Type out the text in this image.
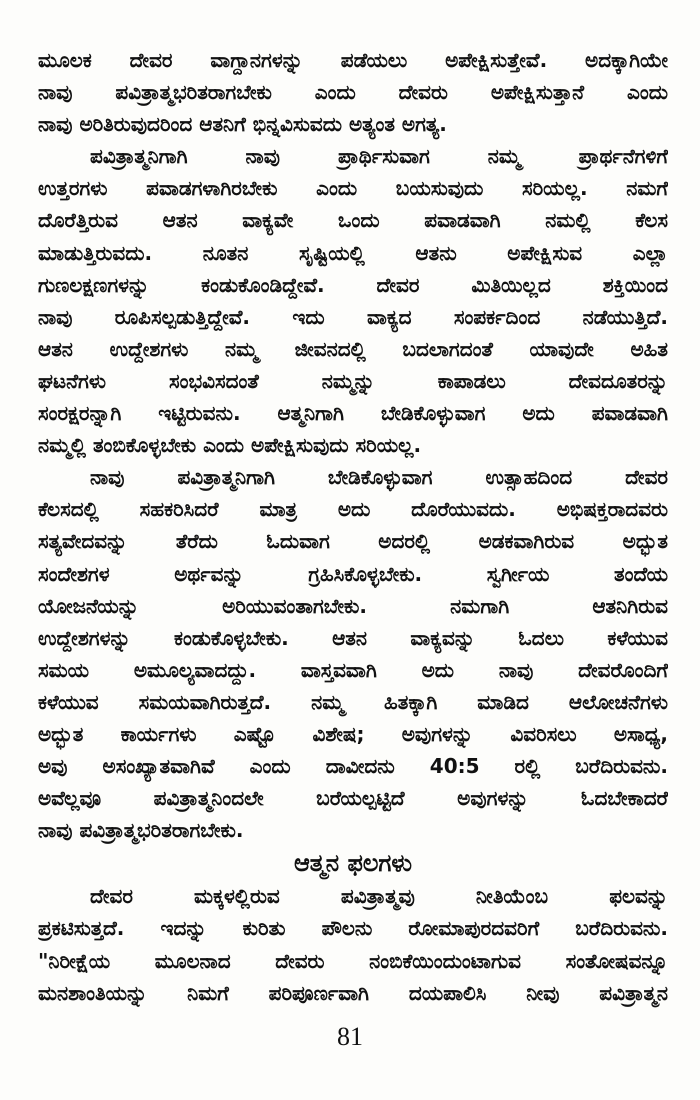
ಮೂಲಕ ದೇವರ ವಾಗ್ದಾನಗಳನ್ನು ಪಡೆಯಲು ಅಪೇಕ್ಷಿಸುತ್ತೇವೆ. ಅದಕ್ಕಾಗಿಯೇ
ನಾವು ಪವಿತ್ರಾತ್ಮಭರಿತರಾಗಬೇಕು ಎಂದು ದೇವರು ಅಪೇಕ್ಷಿಸುತ್ತಾನೆ ಎಂದು
ನಾವು ಅರಿತಿರುವುದರಿಂದ ಆತನಿಗೆ ಭಿನ್ನವಿಸುವದು ಅತ್ಯಂತ ಅಗತ್ಯ.
ಪವಿತ್ರಾತ್ಮನಿಗಾಗಿ ನಾವು ಪ್ರಾರ್ಥಿಸುವಾಗ ನಮ್ಮ ಪ್ರಾರ್ಥನೆಗಳಿಗೆ
ಉತ್ತರಗಳು ಪವಾಡಗಳಾಗಿರಬೇಕು ಎಂದು ಬಯಸುವುದು ಸರಿಯಲ್ಲ. ನಮಗೆ
ದೊರೆತ್ತಿರುವ ಆತನ ವಾಕ್ಯವೇ ಒಂದು ಪವಾಡವಾಗಿ ನಮಲ್ಲಿ ಕೆಲಸ
ಮಾಡುತ್ತಿರುವದು. ನೂತನ ಸೃಷ್ಟಿಯಲ್ಲಿ ಆತನು ಅಪೇಕ್ಷಿಸುವ ಎಲ್ಲಾ
ಗುಣಲಕ್ಷಣಗಳನ್ನು ಕಂಡುಕೊಂಡಿದ್ದೇವೆ. ದೇವರ ಮಿತಿಯಿಲ್ಲದ ಶಕ್ತಿಯಿಂದ
ನಾವು ರೂಪಿಸಲ್ಪಡುತ್ತಿದ್ದೇವೆ. ಇದು ವಾಕ್ಯದ ಸಂಪರ್ಕದಿಂದ ನಡೆಯುತ್ತಿದೆ.
ಆತನ ಉದ್ದೇಶಗಳು ನಮ್ಮ ಜೀವನದಲ್ಲಿ ಬದಲಾಗದಂತೆ ಯಾವುದೇ ಅಹಿತ
ಘಟನೆಗಳು ಸಂಭವಿಸದಂತೆ ನಮ್ಮನ್ನು ಕಾಪಾಡಲು ದೇವದೂತರನ್ನು
ಸಂರಕ್ಷರನ್ನಾಗಿ ಇಟ್ಟಿರುವನು. ಆತ್ಮನಿಗಾಗಿ ಬೇಡಿಕೊಳ್ಳುವಾಗ ಅದು ಪವಾಡವಾಗಿ
ನಮ್ಮಲ್ಲಿ ತಂಬಿಕೊಳ್ಳಬೇಕು ಎಂದು ಅಪೇಕ್ಷಿಸುವುದು ಸರಿಯಲ್ಲ.
ನಾವು ಪವಿತ್ರಾತ್ಮನಿಗಾಗಿ ಬೇಡಿಕೊಳ್ಳುವಾಗ ಉತ್ಸಾಹದಿಂದ ದೇವರ
ಕೆಲಸದಲ್ಲಿ ಸಹಕರಿಸಿದರೆ ಮಾತ್ರ ಅದು ದೊರೆಯುವದು. ಅಭಿಷಕ್ತರಾದವರು
ಸತ್ಯವೇದವನ್ನು ತೆರೆದು ಓದುವಾಗ ಅದರಲ್ಲಿ ಅಡಕವಾಗಿರುವ ಅದ್ಭುತ
ಸಂದೇಶಗಳ ಅರ್ಥವನ್ನು ಗ್ರಹಿಸಿಕೊಳ್ಳಬೇಕು. ಸ್ವರ್ಗೀಯ ತಂದೆಯ
ಯೋಜನೆಯನ್ನು ಅರಿಯುವಂತಾಗಬೇಕು. ನಮಗಾಗಿ ಆತನಿಗಿರುವ
ಉದ್ದೇಶಗಳನ್ನು ಕಂಡುಕೊಳ್ಳಬೇಕು. ಆತನ ವಾಕ್ಯವನ್ನು ಓದಲು ಕಳೆಯುವ
ಸಮಯ ಅಮೂಲ್ಯವಾದದ್ದು. ವಾಸ್ತವವಾಗಿ ಅದು ನಾವು ದೇವರೊಂದಿಗೆ
ಕಳೆಯುವ ಸಮಯವಾಗಿರುತ್ತದೆ. ನಮ್ಮ ಹಿತಕ್ಕಾಗಿ ಮಾಡಿದ ಆಲೋಚನೆಗಳು
ಅದ್ಭುತ ಕಾರ್ಯಗಳು ಎಷ್ಟೊ ವಿಶೇಷ; ಅವುಗಳನ್ನು ವಿವರಿಸಲು ಅಸಾಧ್ಯ,
ಅವು ಅಸಂಖ್ಯಾತವಾಗಿವೆ ಎಂದು ದಾವೀದನು 40:5 ರಲ್ಲಿ ಬರೆದಿರುವನು.
ಅವೆಲ್ಲವೂ ಪವಿತ್ರಾತ್ಮನಿಂದಲೇ ಬರೆಯಲ್ಪಟ್ಟಿದೆ ಅವುಗಳನ್ನು ಓದಬೇಕಾದರೆ
ನಾವು ಪವಿತ್ರಾತ್ಮಭರಿತರಾಗಬೇಕು.
ಆತ್ಮನ ಫಲಗಳು
ದೇವರ ಮಕ್ಕಳಲ್ಲಿರುವ ಪವಿತ್ರಾತ್ಮವು ನೀತಿಯೆಂಬ ಫಲವನ್ನು
ಪ್ರಕಟಿಸುತ್ತದೆ. ಇದನ್ನು ಕುರಿತು ಪೌಲನು ರೋಮಾಪುರದವರಿಗೆ ಬರೆದಿರುವನು.
"ನಿರೀಕ್ಷೆಯ ಮೂಲನಾದ ದೇವರು ನಂಬಿಕೆಯಿಂದುಂಟಾಗುವ ಸಂತೋಷವನ್ನೂ
ಮನಶಾಂತಿಯನ್ನು ನಿಮಗೆ ಪರಿಪೂರ್ಣವಾಗಿ ದಯಪಾಲಿಸಿ ನೀವು ಪವಿತ್ರಾತ್ಮನ
81
